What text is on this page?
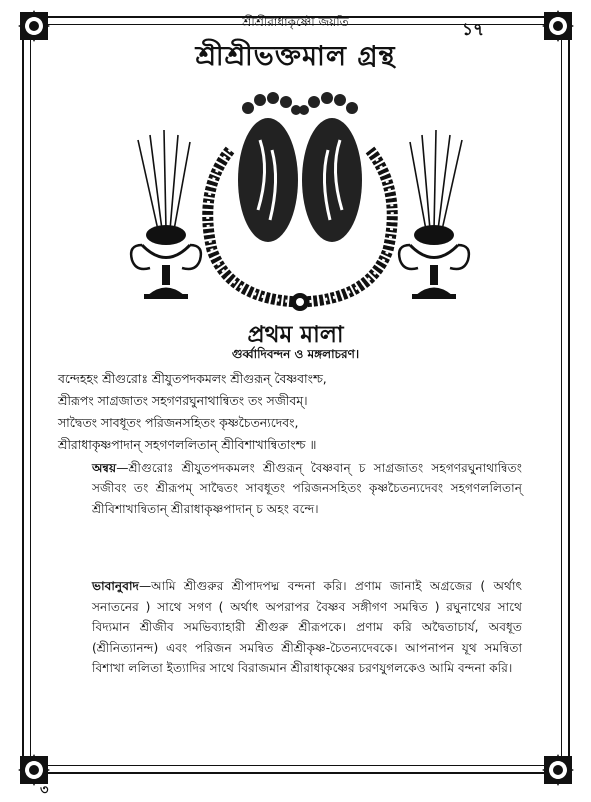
শ্রীশ্রীরাধাকৃষ্ণৌ জয়তি	১৭
শ্রীশ্রীভক্তমাল গ্রন্থ
প্রথম মালা
গুর্ব্বাদিবন্দন ও মঙ্গলাচরণ।
বন্দেহহং শ্রীগুরোঃ শ্রীযুতপদকমলং শ্রীগুরূন্ বৈষ্ণবাংশ্চ,
শ্রীরূপং সাগ্রজাতং সহগণরঘুনাথান্বিতং তং সজীবম্।
সাদ্বৈতং সাবধূতং পরিজনসহিতং কৃষ্ণচৈতন্যদেবং,
শ্রীরাধাকৃষ্ণপাদান্ সহগণললিতান্ শ্রীবিশাখান্বিতাংশ্চ ॥
অন্বয়—শ্রীগুরোঃ শ্রীযুতপদকমলং শ্রীগুরূন্ বৈষ্ণবান্ চ সাগ্রজাতং সহগণরঘুনাথান্বিতং সজীবং তং শ্রীরূপম্ সাদ্বৈতং সাবধূতং পরিজনসহিতং কৃষ্ণচৈতন্যদেবং সহগণললিতান্ শ্রীবিশাখান্বিতান্ শ্রীরাধাকৃষ্ণপাদান্ চ অহং বন্দে।
ভাবানুবাদ—আমি শ্রীগুরুর শ্রীপাদপদ্ম বন্দনা করি। প্রণাম জানাই অগ্রজের ( অর্থাৎ সনাতনের ) সাথে সগণ ( অর্থাৎ অপরাপর বৈষ্ণব সঙ্গীগণ সমন্বিত ) রঘুনাথের সাথে বিদ্যমান শ্রীজীব সমভিব্যাহারী শ্রীগুরু শ্রীরূপকে। প্রণাম করি অদ্বৈতাচার্য, অবধূত (শ্রীনিত্যানন্দ) এবং পরিজন সমন্বিত শ্রীশ্রীকৃষ্ণ-চৈতন্যদেবকে। আপনাপন যূথ সমন্বিতা বিশাখা ললিতা ইত্যাদির সাথে বিরাজমান শ্রীরাধাকৃষ্ণের চরণযুগলকেও আমি বন্দনা করি।
৩
